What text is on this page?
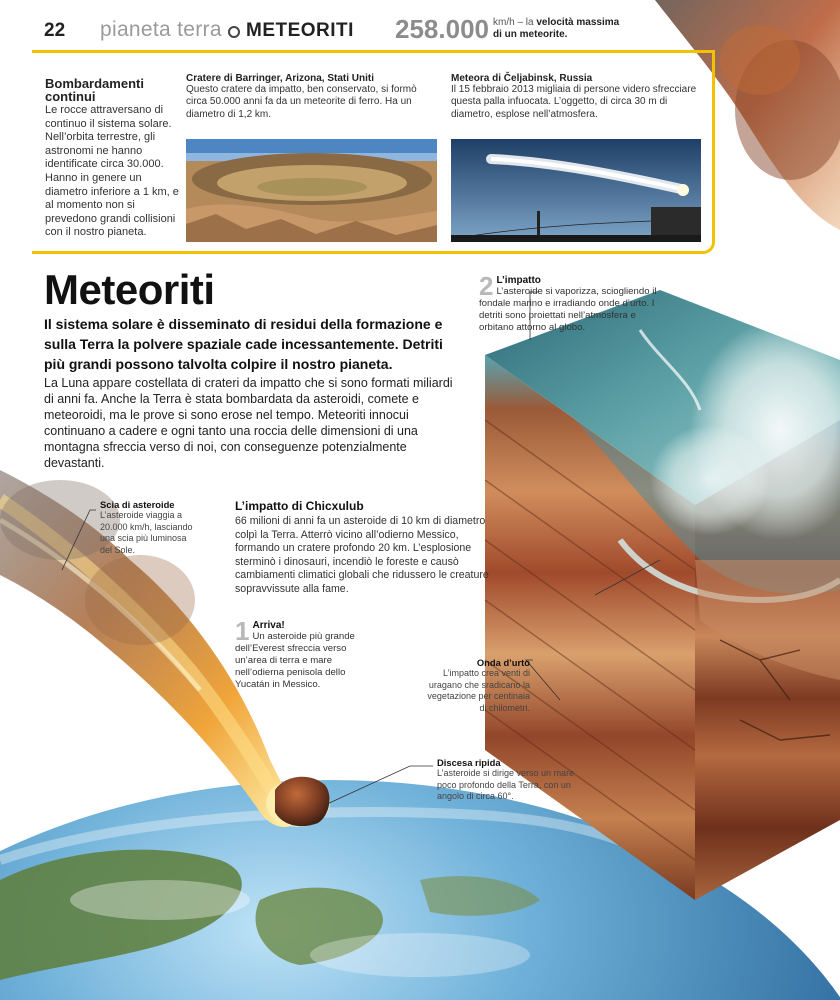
22 pianeta terra METEORITI 258.000 km/h – la velocità massima
di un meteorite.
Bombardamenti continui
Le rocce attraversano di continuo il sistema solare. Nell’orbita terrestre, gli astronomi ne hanno identificate circa 30.000. Hanno in genere un diametro inferiore a 1 km, e al momento non si prevedono grandi collisioni con il nostro pianeta.
Cratere di Barringer, Arizona, Stati Uniti
Questo cratere da impatto, ben conservato, si formò circa 50.000 anni fa da un meteorite di ferro. Ha un diametro di 1,2 km.
Meteora di Čeljabinsk, Russia
Il 15 febbraio 2013 migliaia di persone videro sfrecciare questa palla infuocata. L’oggetto, di circa 30 m di diametro, esplose nell’atmosfera.
Meteoriti
Il sistema solare è disseminato di residui della formazione e sulla Terra la polvere spaziale cade incessantemente. Detriti più grandi possono talvolta colpire il nostro pianeta.
La Luna appare costellata di crateri da impatto che si sono formati miliardi di anni fa. Anche la Terra è stata bombardata da asteroidi, comete e meteoroidi, ma le prove si sono erose nel tempo. Meteoriti innocui continuano a cadere e ogni tanto una roccia delle dimensioni di una montagna sfreccia verso di noi, con conseguenze potenzialmente devastanti.
L’impatto di Chicxulub
66 milioni di anni fa un asteroide di 10 km di diametro colpì la Terra. Atterrò vicino all’odierno Messico, formando un cratere profondo 20 km. L’esplosione sterminò i dinosauri, incendiò le foreste e causò cambiamenti climatici globali che ridussero le creature sopravvissute alla fame.
1 Arriva!
Un asteroide più grande dell’Everest sfreccia verso un’area di terra e mare nell’odierna penisola dello Yucatán in Messico.
2 L’impatto
L’asteroide si vaporizza, sciogliendo il fondale marino e irradiando onde d’urto. I detriti sono proiettati nell’atmosfera e orbitano attorno al globo.
Scia di asteroide
L’asteroide viaggia a 20.000 km/h, lasciando una scia più luminosa del Sole.
Onda d’urto
L’impatto crea venti di uragano che sradicano la vegetazione per centinaia di chilometri.
Discesa ripida
L’asteroide si dirige verso un mare poco profondo della Terra, con un angolo di circa 60°.
